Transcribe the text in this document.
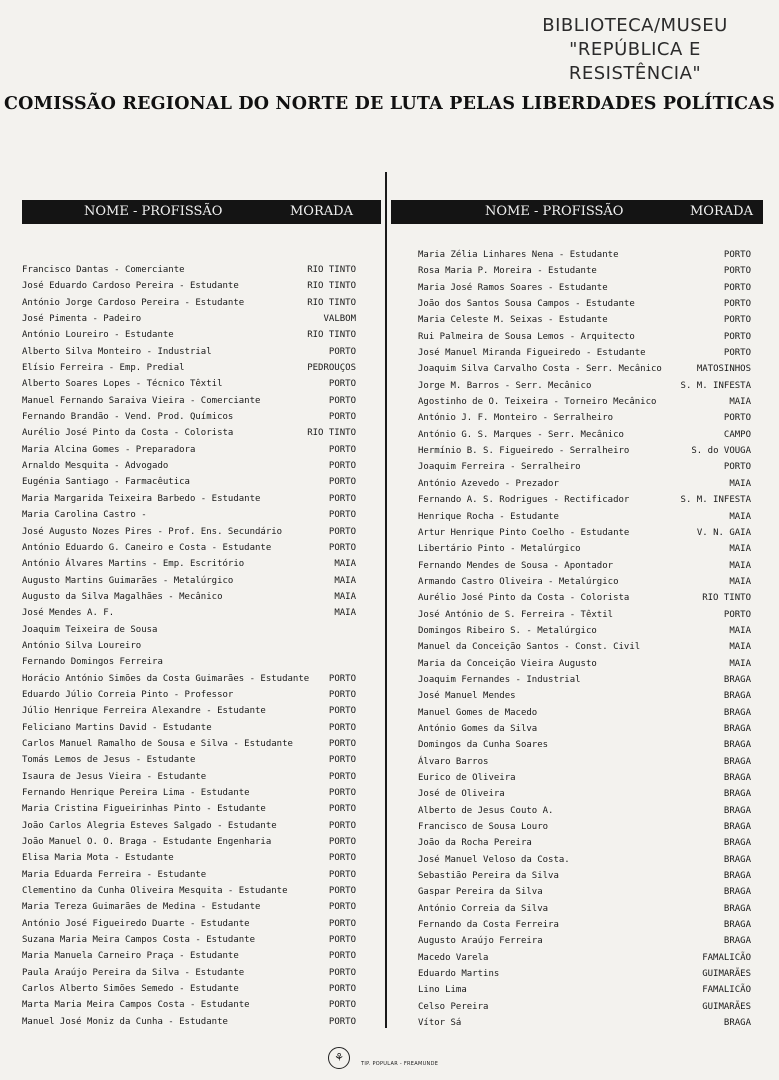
BIBLIOTECA/MUSEU
"REPÚBLICA E RESISTÊNCIA"
COMISSÃO REGIONAL DO NORTE DE LUTA PELAS LIBERDADES POLÍTICAS
NOME - PROFISSÃO	MORADA	NOME - PROFISSÃO	MORADA
Francisco Dantas - Comerciante	RIO TINTO
José Eduardo Cardoso Pereira - Estudante	RIO TINTO
António Jorge Cardoso Pereira - Estudante	RIO TINTO
José Pimenta - Padeiro	VALBOM
António Loureiro - Estudante	RIO TINTO
Alberto Silva Monteiro - Industrial	PORTO
Elísio Ferreira - Emp. Predial	PEDROUÇOS
Alberto Soares Lopes - Técnico Têxtil	PORTO
Manuel Fernando Saraiva Vieira - Comerciante	PORTO
Fernando Brandão - Vend. Prod. Químicos	PORTO
Aurélio José Pinto da Costa - Colorista	RIO TINTO
Maria Alcina Gomes - Preparadora	PORTO
Arnaldo Mesquita - Advogado	PORTO
Eugénia Santiago - Farmacêutica	PORTO
Maria Margarida Teixeira Barbedo - Estudante	PORTO
Maria Carolina Castro -	PORTO
José Augusto Nozes Pires - Prof. Ens. Secundário	PORTO
António Eduardo G. Caneiro e Costa - Estudante	PORTO
António Álvares Martins - Emp. Escritório	MAIA
Augusto Martins Guimarães - Metalúrgico	MAIA
Augusto da Silva Magalhães - Mecânico	MAIA
José Mendes A. F.	MAIA
Joaquim Teixeira de Sousa
António Silva Loureiro
Fernando Domingos Ferreira
Horácio António Simões da Costa Guimarães - Estudante	PORTO
Eduardo Júlio Correia Pinto - Professor	PORTO
Júlio Henrique Ferreira Alexandre - Estudante	PORTO
Feliciano Martins David - Estudante	PORTO
Carlos Manuel Ramalho de Sousa e Silva - Estudante	PORTO
Tomás Lemos de Jesus - Estudante	PORTO
Isaura de Jesus Vieira - Estudante	PORTO
Fernando Henrique Pereira Lima - Estudante	PORTO
Maria Cristina Figueirinhas Pinto - Estudante	PORTO
João Carlos Alegria Esteves Salgado - Estudante	PORTO
João Manuel O. O. Braga - Estudante Engenharia	PORTO
Elisa Maria Mota - Estudante	PORTO
Maria Eduarda Ferreira - Estudante	PORTO
Clementino da Cunha Oliveira Mesquita - Estudante	PORTO
Maria Tereza Guimarães de Medina - Estudante	PORTO
António José Figueiredo Duarte - Estudante	PORTO
Suzana Maria Meira Campos Costa - Estudante	PORTO
Maria Manuela Carneiro Praça - Estudante	PORTO
Paula Araújo Pereira da Silva - Estudante	PORTO
Carlos Alberto Simões Semedo - Estudante	PORTO
Marta Maria Meira Campos Costa - Estudante	PORTO
Manuel José Moniz da Cunha - Estudante	PORTO
Maria Zélia Linhares Nena - Estudante	PORTO
Rosa Maria P. Moreira - Estudante	PORTO
Maria José Ramos Soares - Estudante	PORTO
João dos Santos Sousa Campos - Estudante	PORTO
Maria Celeste M. Seixas - Estudante	PORTO
Rui Palmeira de Sousa Lemos - Arquitecto	PORTO
José Manuel Miranda Figueiredo - Estudante	PORTO
Joaquim Silva Carvalho Costa - Serr. Mecânico	MATOSINHOS
Jorge M. Barros - Serr. Mecânico	S. M. INFESTA
Agostinho de O. Teixeira - Torneiro Mecânico	MAIA
António J. F. Monteiro - Serralheiro	PORTO
António G. S. Marques - Serr. Mecânico	CAMPO
Hermínio B. S. Figueiredo - Serralheiro	S. do VOUGA
Joaquim Ferreira - Serralheiro	PORTO
António Azevedo - Prezador	MAIA
Fernando A. S. Rodrigues - Rectificador	S. M. INFESTA
Henrique Rocha - Estudante	MAIA
Artur Henrique Pinto Coelho - Estudante	V. N. GAIA
Libertário Pinto - Metalúrgico	MAIA
Fernando Mendes de Sousa - Apontador	MAIA
Armando Castro Oliveira - Metalúrgico	MAIA
Aurélio José Pinto da Costa - Colorista	RIO TINTO
José António de S. Ferreira - Têxtil	PORTO
Domingos Ribeiro S. - Metalúrgico	MAIA
Manuel da Conceição Santos - Const. Civil	MAIA
Maria da Conceição Vieira Augusto	MAIA
Joaquim Fernandes - Industrial	BRAGA
José Manuel Mendes	BRAGA
Manuel Gomes de Macedo	BRAGA
António Gomes da Silva	BRAGA
Domingos da Cunha Soares	BRAGA
Álvaro Barros	BRAGA
Eurico de Oliveira	BRAGA
José de Oliveira	BRAGA
Alberto de Jesus Couto A.	BRAGA
Francisco de Sousa Louro	BRAGA
João da Rocha Pereira	BRAGA
José Manuel Veloso da Costa.	BRAGA
Sebastião Pereira da Silva	BRAGA
Gaspar Pereira da Silva	BRAGA
António Correia da Silva	BRAGA
Fernando da Costa Ferreira	BRAGA
Augusto Araújo Ferreira	BRAGA
Macedo Varela	FAMALICÃO
Eduardo Martins	GUIMARÃES
Lino Lima	FAMALICÃO
Celso Pereira	GUIMARÃES
Vítor Sá	BRAGA
⚘	TIP. POPULAR - FREAMUNDE
